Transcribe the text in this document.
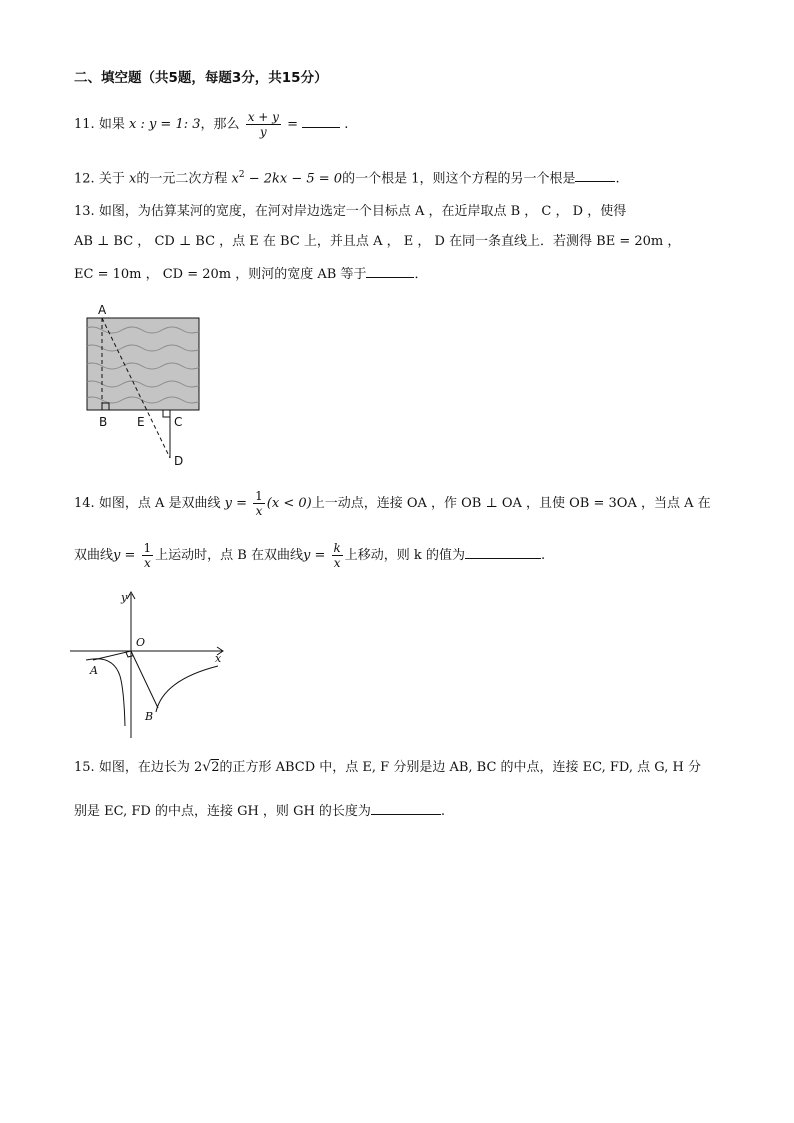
二、填空题（共5题，每题3分，共15分）
11. 如果 x : y = 1: 3，那么 $\frac{x + y}{y}$ =	.
12. 关于 x的一元二次方程 $x^2 - 2kx - 5 = 0$的一个根是 1，则这个方程的另一个根是	.
13. 如图，为估算某河的宽度，在河对岸边选定一个目标点 A ，在近岸取点 B ， C ， D ，使得
AB ⊥ BC ， CD ⊥ BC ，点 E 在 BC 上，并且点 A ， E ， D 在同一条直线上．若测得 BE = 20m ，
EC = 10m ， CD = 20m ，则河的宽度 AB 等于	．
A
B E C
D
14. 如图，点 A 是双曲线 $y = \frac{1}{x} (x < 0)$上一动点，连接 OA ，作 OB ⊥ OA ，且使 OB = 3OA ，当点 A 在
双曲线$y = \frac{1}{x}$ 上运动时，点 B 在双曲线$y = \frac{k}{x}$ 上移动，则 k 的值为	.
y
x
O
A
B
15. 如图，在边长为 2√2的正方形 ABCD 中，点 E, F 分别是边 AB, BC 的中点，连接 EC, FD, 点 G, H 分
别是 EC, FD 的中点，连接 GH ，则 GH 的长度为	.
